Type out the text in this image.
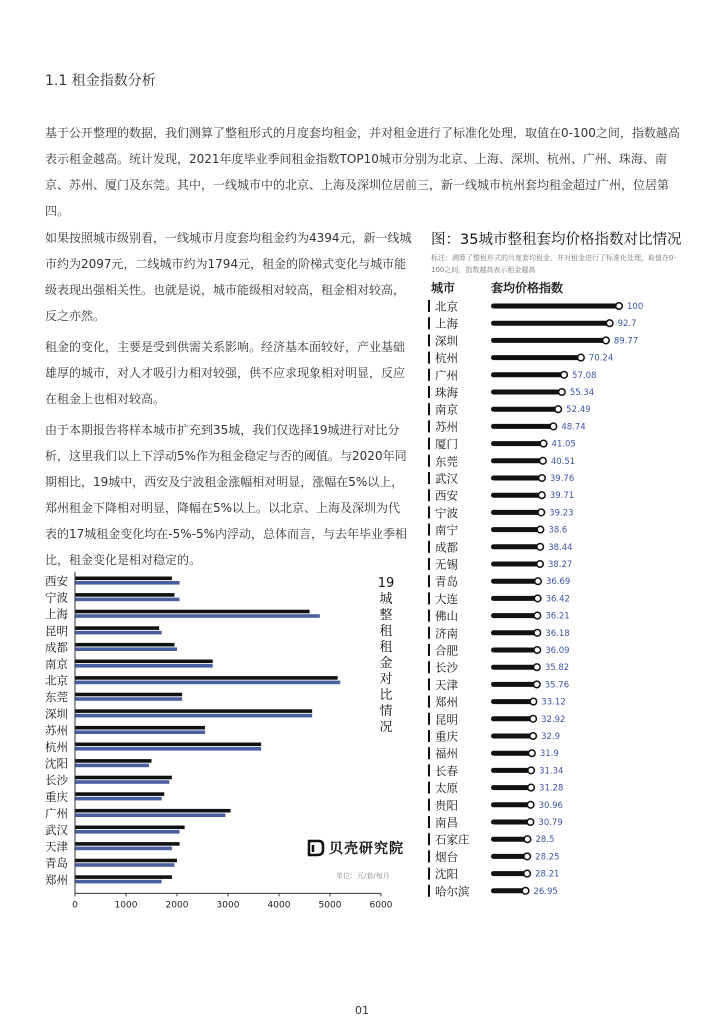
1.1 租金指数分析

基于公开整理的数据，我们测算了整租形式的月度套均租金，并对租金进行了标准化处理，取值在0-100之间，指数越高表示租金越高。统计发现，2021年度毕业季间租金指数TOP10城市分别为北京、上海、深圳、杭州、广州、珠海、南京、苏州、厦门及东莞。其中，一线城市中的北京、上海及深圳位居前三，新一线城市杭州套均租金超过广州，位居第四。

如果按照城市级别看，一线城市月度套均租金约为4394元，新一线城市约为2097元，二线城市约为1794元，租金的阶梯式变化与城市能级表现出强相关性。也就是说，城市能级相对较高，租金相对较高，反之亦然。

租金的变化，主要是受到供需关系影响。经济基本面较好，产业基础雄厚的城市，对人才吸引力相对较强，供不应求现象相对明显，反应在租金上也相对较高。

由于本期报告将样本城市扩充到35城，我们仅选择19城进行对比分析，这里我们以上下浮动5%作为租金稳定与否的阈值。与2020年同期相比，19城中，西安及宁波租金涨幅相对明显，涨幅在5%以上，郑州租金下降相对明显，降幅在5%以上。以北京、上海及深圳为代表的17城租金变化均在-5%-5%内浮动，总体而言，与去年毕业季相比，租金变化是相对稳定的。

图：35城市整租套均价格指数对比情况
标注：测算了整租形式的月度套均租金，并对租金进行了标准化处理，取值在0-100之间，指数越高表示租金越高
城市	套均价格指数
北京	100
上海	92.7
深圳	89.77
杭州	70.24
广州	57.08
珠海	55.34
南京	52.49
苏州	48.74
厦门	41.05
东莞	40.51
武汉	39.76
西安	39.71
宁波	39.23
南宁	38.6
成都	38.44
无锡	38.27
青岛	36.69
大连	36.42
佛山	36.21
济南	36.18
合肥	36.09
长沙	35.82
天津	35.76
郑州	33.12
昆明	32.92
重庆	32.9
福州	31.9
长春	31.34
太原	31.28
贵阳	30.96
南昌	30.79
石家庄	28.5
烟台	28.25
沈阳	28.21
哈尔滨	26.95
西安
宁波
上海
昆明
成都
南京
北京
东莞
深圳
苏州
杭州
沈阳
长沙
重庆
广州
武汉
天津
青岛
郑州
0	1000	2000	3000	4000	5000	6000
19城整租租金对比情况
贝壳研究院
单位：元/套/每月
01
